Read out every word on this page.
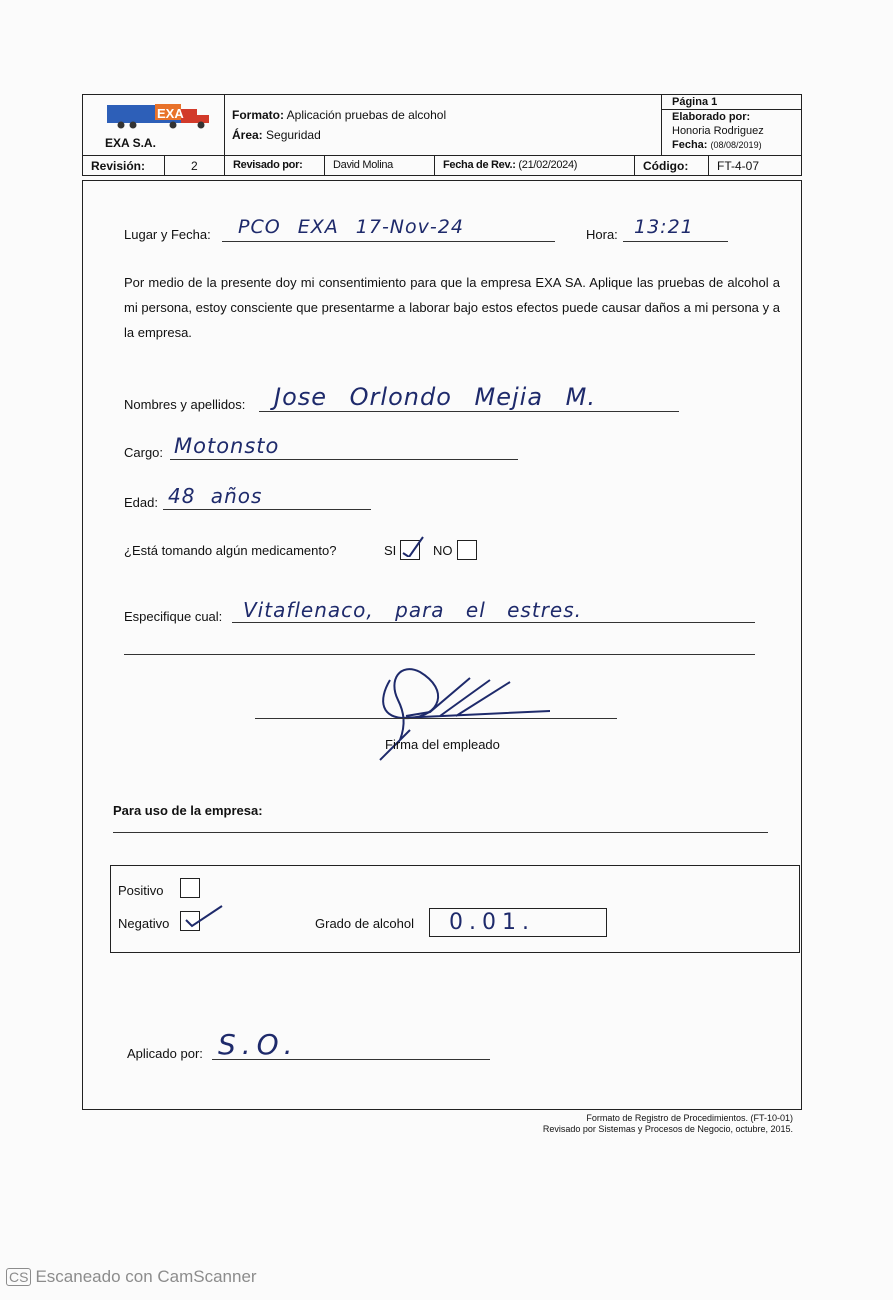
EXA
EXA S.A.
Formato: Aplicación pruebas de alcohol
Área: Seguridad
Página 1
Elaborado por:
Honoria Rodriguez
Fecha: (08/08/2019)
Revisión:	2	Revisado por:	David Molina	Fecha de Rev.: (21/02/2024)	Código:	FT-4-07
Lugar y Fecha: PCO EXA 17-Nov-24	Hora: 13:21
Por medio de la presente doy mi consentimiento para que la empresa EXA SA. Aplique las pruebas de alcohol a mi persona, estoy consciente que presentarme a laborar bajo estos efectos puede causar daños a mi persona y a la empresa.
Nombres y apellidos: Jose Orlondo Mejia M.
Cargo: Motonsto
Edad: 48 años
¿Está tomando algún medicamento?	SI	NO
Especifique cual: Vitaflenaco, para el estres.
Firma del empleado
Para uso de la empresa:
Positivo
Negativo	Grado de alcohol 0.01.
Aplicado por: S.O.
Formato de Registro de Procedimientos. (FT-10-01)
Revisado por Sistemas y Procesos de Negocio, octubre, 2015.
CS Escaneado con CamScanner
